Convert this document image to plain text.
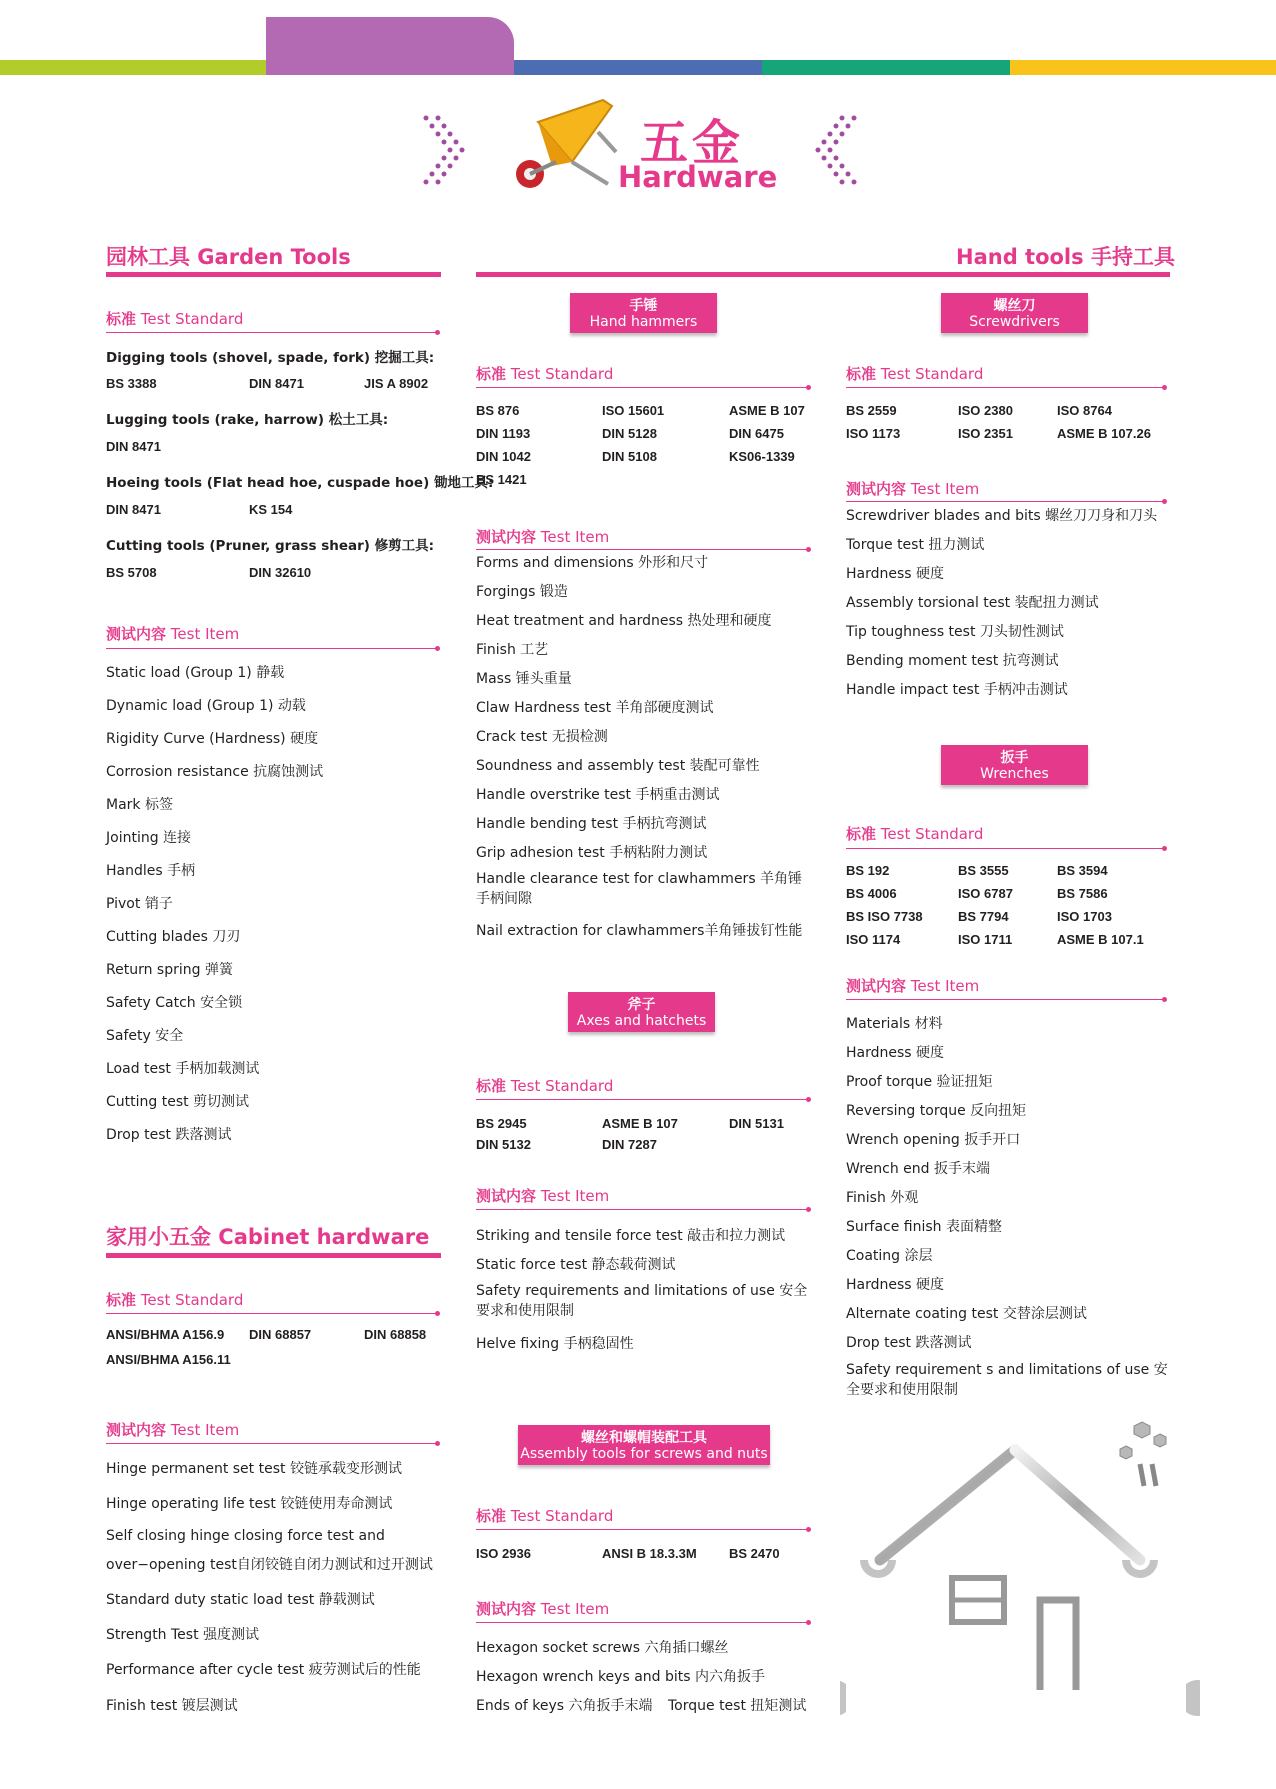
五金
Hardware
园林工具 Garden Tools
标准 Test Standard
Digging tools (shovel, spade, fork) 挖掘工具:
BS 3388	DIN 8471	JIS A 8902
Lugging tools (rake, harrow) 松土工具:
DIN 8471
Hoeing tools (Flat head hoe, cuspade hoe) 锄地工具:
DIN 8471	KS 154
Cutting tools (Pruner, grass shear) 修剪工具:
BS 5708	DIN 32610
测试内容 Test Item
Static load (Group 1) 静载
Dynamic load (Group 1) 动载
Rigidity Curve (Hardness) 硬度
Corrosion resistance 抗腐蚀测试
Mark 标签
Jointing 连接
Handles 手柄
Pivot 销子
Cutting blades 刀刃
Return spring 弹簧
Safety Catch 安全锁
Safety 安全
Load test 手柄加载测试
Cutting test 剪切测试
Drop test 跌落测试
家用小五金 Cabinet hardware
标准 Test Standard
ANSI/BHMA A156.9 DIN 68857	DIN 68858
ANSI/BHMA A156.11
测试内容 Test Item
Hinge permanent set test 铰链承载变形测试
Hinge operating life test 铰链使用寿命测试
Self closing hinge closing force test and
over−opening test自闭铰链自闭力测试和过开测试
Standard duty static load test 静载测试
Strength Test 强度测试
Performance after cycle test 疲劳测试后的性能
Finish test 镀层测试
Hand tools 手持工具
手锤
Hand hammers
标准 Test Standard
BS 876	ISO 15601	ASME B 107
DIN 1193	DIN 5128	DIN 6475
DIN 1042	DIN 5108	KS06-1339
BS 1421
测试内容 Test Item
Forms and dimensions 外形和尺寸
Forgings 锻造
Heat treatment and hardness 热处理和硬度
Finish 工艺
Mass 锤头重量
Claw Hardness test 羊角部硬度测试
Crack test 无损检测
Soundness and assembly test 装配可靠性
Handle overstrike test 手柄重击测试
Handle bending test 手柄抗弯测试
Grip adhesion test 手柄粘附力测试
Handle clearance test for clawhammers 羊角锤手柄间隙
Nail extraction for clawhammers羊角锤拔钉性能
斧子
Axes and hatchets
标准 Test Standard
BS 2945	ASME B 107	DIN 5131
DIN 5132	DIN 7287
测试内容 Test Item
Striking and tensile force test 敲击和拉力测试
Static force test 静态载荷测试
Safety requirements and limitations of use 安全要求和使用限制
Helve fixing 手柄稳固性
螺丝和螺帽装配工具
Assembly tools for screws and nuts
标准 Test Standard
ISO 2936	ANSI B 18.3.3M BS 2470
测试内容 Test Item
Hexagon socket screws 六角插口螺丝
Hexagon wrench keys and bits 内六角扳手
Ends of keys 六角扳手末端 Torque test 扭矩测试
螺丝刀
Screwdrivers
标准 Test Standard
BS 2559	ISO 2380	ISO 8764
ISO 1173	ISO 2351	ASME B 107.26
测试内容 Test Item
Screwdriver blades and bits 螺丝刀刀身和刀头
Torque test 扭力测试
Hardness 硬度
Assembly torsional test 装配扭力测试
Tip toughness test 刀头韧性测试
Bending moment test 抗弯测试
Handle impact test 手柄冲击测试
扳手
Wrenches
标准 Test Standard
BS 192	BS 3555	BS 3594
BS 4006	ISO 6787	BS 7586
BS ISO 7738	BS 7794	ISO 1703
ISO 1174	ISO 1711	ASME B 107.1
测试内容 Test Item
Materials 材料
Hardness 硬度
Proof torque 验证扭矩
Reversing torque 反向扭矩
Wrench opening 扳手开口
Wrench end 扳手末端
Finish 外观
Surface finish 表面精整
Coating 涂层
Hardness 硬度
Alternate coating test 交替涂层测试
Drop test 跌落测试
Safety requirement s and limitations of use 安全要求和使用限制
